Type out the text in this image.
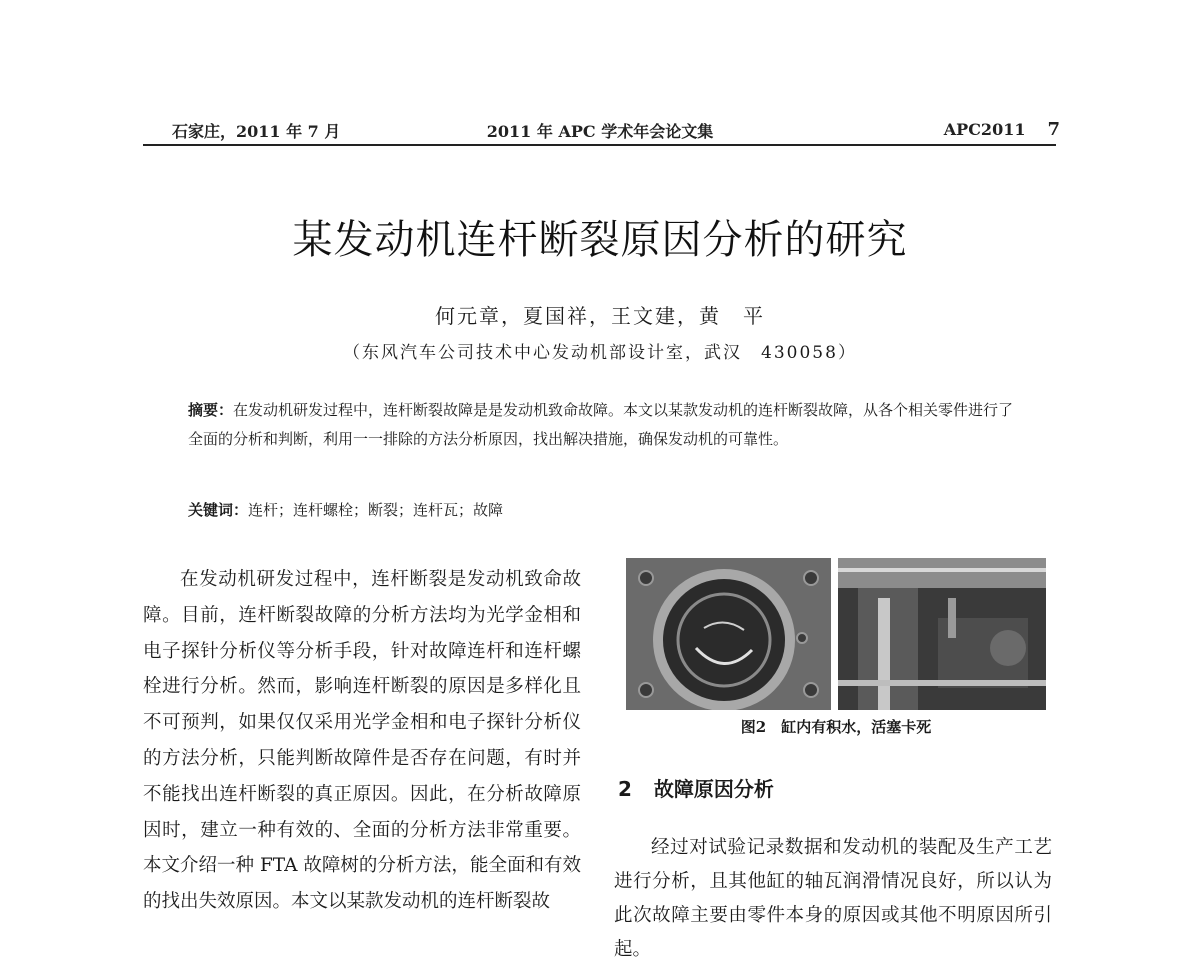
石家庄，2011 年 7 月	2011 年 APC 学术年会论文集	APC2011 7
某发动机连杆断裂原因分析的研究
何元章，夏国祥，王文建，黄　平
（东风汽车公司技术中心发动机部设计室，武汉　430058）

摘要：在发动机研发过程中，连杆断裂故障是是发动机致命故障。本文以某款发动机的连杆断裂故障，从各个相关零件进行了全面的分析和判断，利用一一排除的方法分析原因，找出解决措施，确保发动机的可靠性。

关键词：连杆；连杆螺栓；断裂；连杆瓦；故障

在发动机研发过程中，连杆断裂是发动机致命故障。目前，连杆断裂故障的分析方法均为光学金相和电子探针分析仪等分析手段，针对故障连杆和连杆螺栓进行分析。然而，影响连杆断裂的原因是多样化且不可预判，如果仅仅采用光学金相和电子探针分析仪的方法分析，只能判断故障件是否存在问题，有时并不能找出连杆断裂的真正原因。因此，在分析故障原因时，建立一种有效的、全面的分析方法非常重要。本文介绍一种 FTA 故障树的分析方法，能全面和有效的找出失效原因。本文以某款发动机的连杆断裂故

图2　缸内有积水，活塞卡死
2 故障原因分析

经过对试验记录数据和发动机的装配及生产工艺进行分析，且其他缸的轴瓦润滑情况良好，所以认为此次故障主要由零件本身的原因或其他不明原因所引起。
